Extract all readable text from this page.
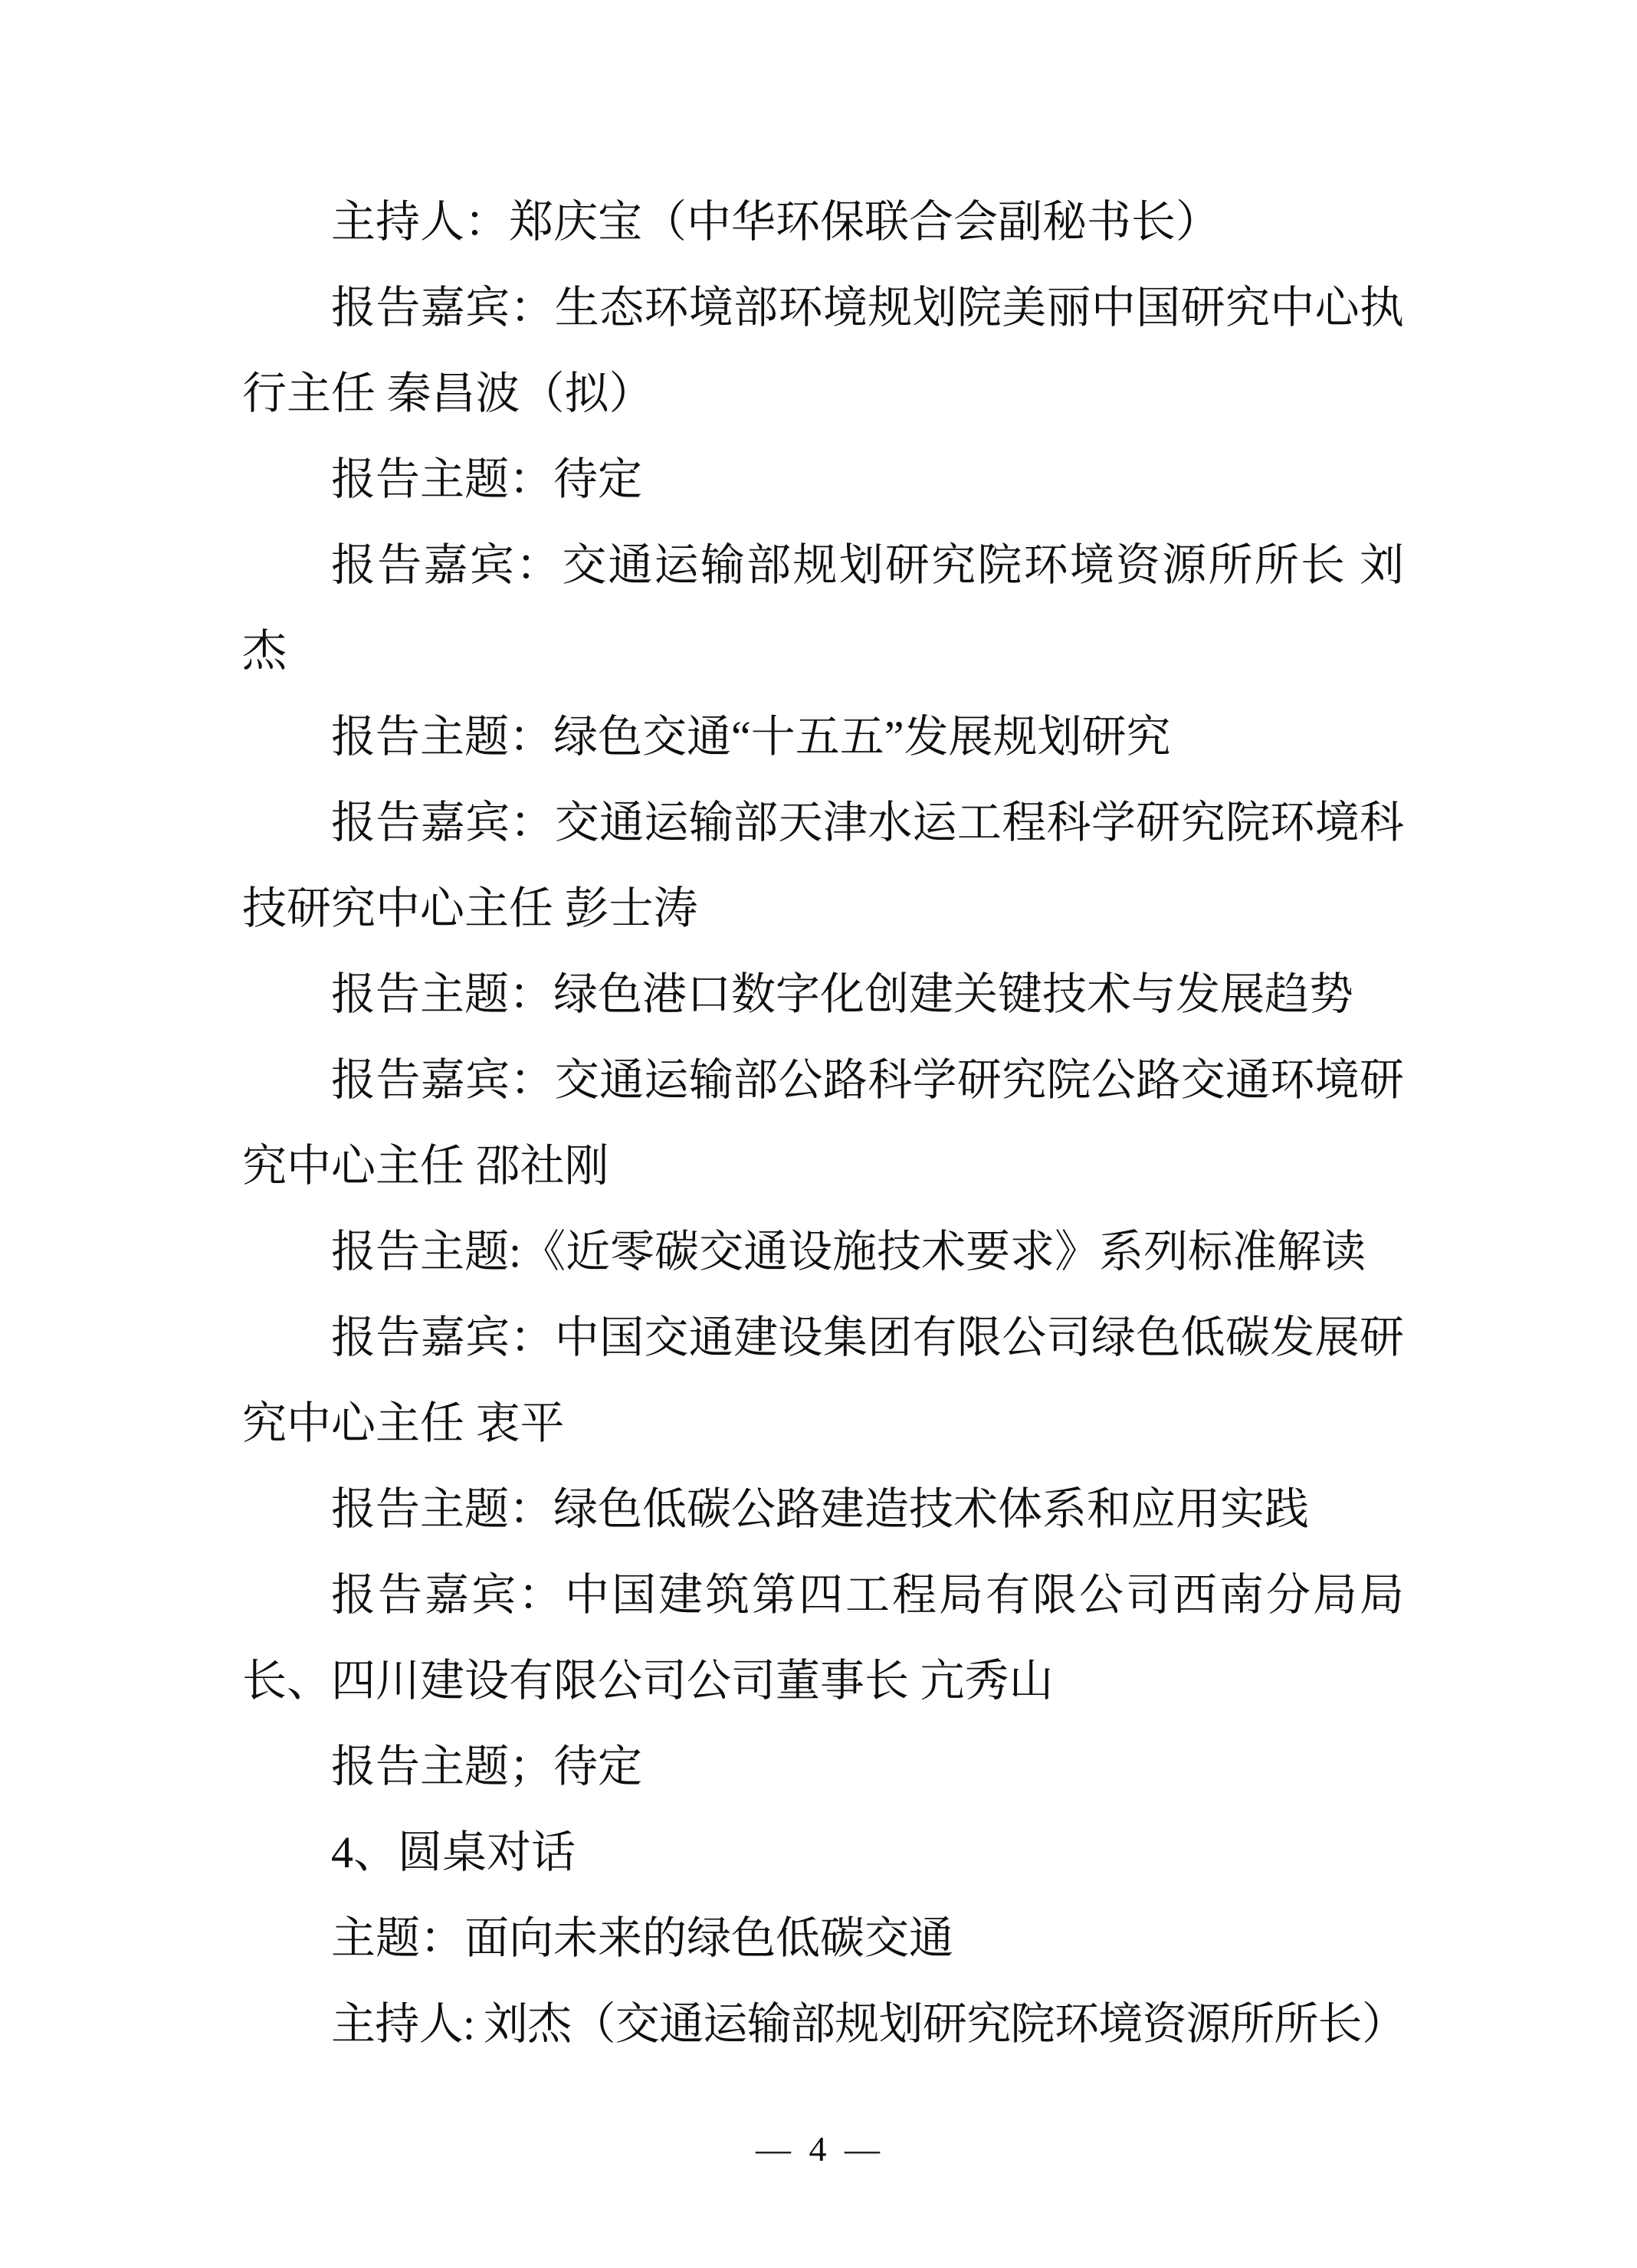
主持人：郑庆宝（中华环保联合会副秘书长）
报告嘉宾：生态环境部环境规划院美丽中国研究中心执
行主任 秦昌波（拟）
报告主题：待定
报告嘉宾：交通运输部规划研究院环境资源所所长 刘
杰
报告主题：绿色交通“十五五”发展规划研究
报告嘉宾：交通运输部天津水运工程科学研究院环境科
技研究中心主任 彭士涛
报告主题：绿色港口数字化创建关键技术与发展趋势
报告嘉宾：交通运输部公路科学研究院公路交通环境研
究中心主任 邵社刚
报告主题:《近零碳交通设施技术要求》系列标准解读
报告嘉宾：中国交通建设集团有限公司绿色低碳发展研
究中心主任 衷平
报告主题：绿色低碳公路建造技术体系和应用实践
报告嘉宾：中国建筑第四工程局有限公司西南分局局
长、四川建设有限公司公司董事长 亢秀山
报告主题；待定
4、圆桌对话
主题：面向未来的绿色低碳交通
主持人: 刘杰（交通运输部规划研究院环境资源所所长）
— 4 —
